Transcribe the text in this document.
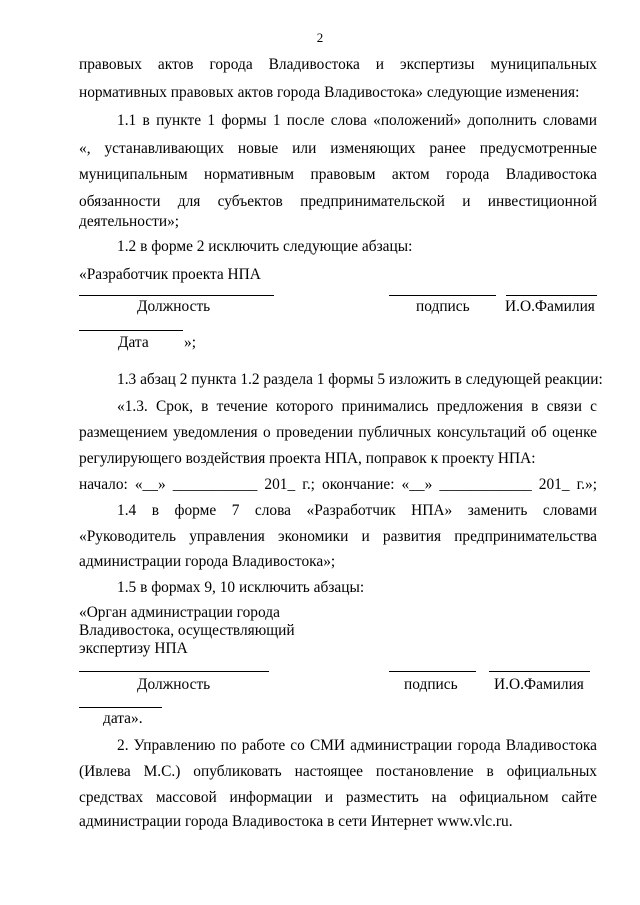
2
правовых актов города Владивостока и экспертизы муниципальных
нормативных правовых актов города Владивостока» следующие изменения:
1.1 в пункте 1 формы 1 после слова «положений» дополнить словами
«, устанавливающих новые или изменяющих ранее предусмотренные
муниципальным нормативным правовым актом города Владивостока
обязанности для субъектов предпринимательской и инвестиционной
деятельности»;
1.2 в форме 2 исключить следующие абзацы:
«Разработчик проекта НПА
Должность	подпись И.О.Фамилия
Дата »;
1.3 абзац 2 пункта 1.2 раздела 1 формы 5 изложить в следующей реакции:
«1.3. Срок, в течение которого принимались предложения в связи с
размещением уведомления о проведении публичных консультаций об оценке
регулирующего воздействия проекта НПА, поправок к проекту НПА:
начало: «__» ___________ 201_ г.; окончание: «__» ____________ 201_ г.»;
1.4 в форме 7 слова «Разработчик НПА» заменить словами
«Руководитель управления экономики и развития предпринимательства
администрации города Владивостока»;
1.5 в формах 9, 10 исключить абзацы:
«Орган администрации города
Владивостока, осуществляющий
экспертизу НПА
Должность	подпись И.О.Фамилия
дата».
2. Управлению по работе со СМИ администрации города Владивостока
(Ивлева М.С.) опубликовать настоящее постановление в официальных
средствах массовой информации и разместить на официальном сайте
администрации города Владивостока в сети Интернет www.vlc.ru.
